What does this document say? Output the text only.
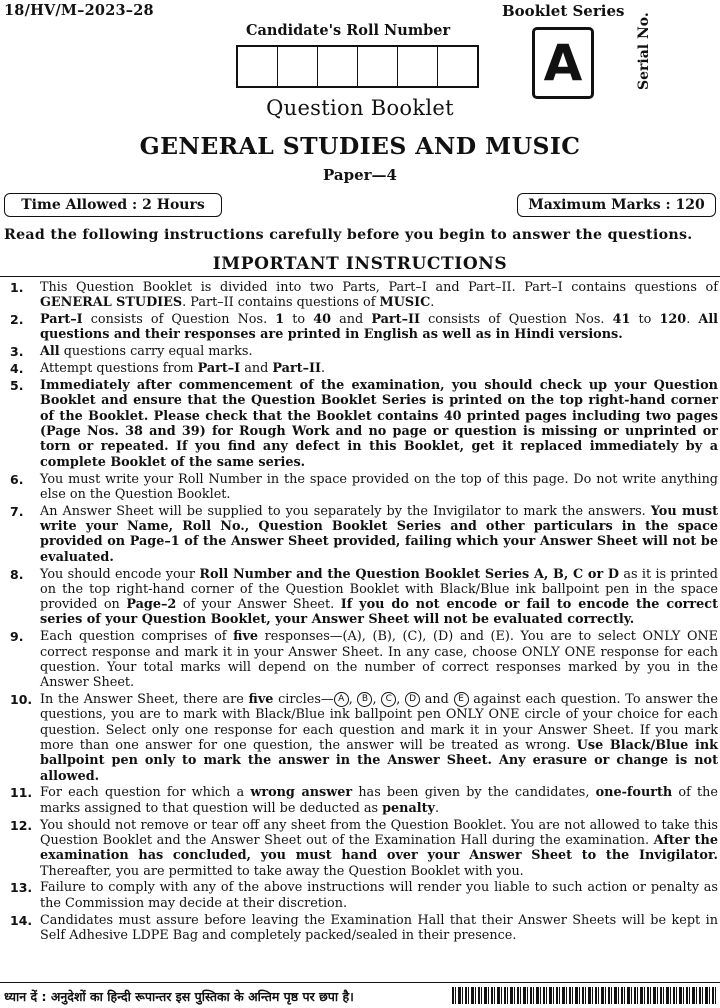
18/HV/M–2023–28	Booklet Series
Candidate's Roll Number
A	Serial No.
Question Booklet
GENERAL STUDIES AND MUSIC
Paper—4
Time Allowed : 2 Hours	Maximum Marks : 120
Read the following instructions carefully before you begin to answer the questions.
IMPORTANT INSTRUCTIONS
1.	This Question Booklet is divided into two Parts, Part–I and Part–II. Part–I contains questions of GENERAL STUDIES. Part–II contains questions of MUSIC.
2.	Part–I consists of Question Nos. 1 to 40 and Part–II consists of Question Nos. 41 to 120. All questions and their responses are printed in English as well as in Hindi versions.
3.	All questions carry equal marks.
4.	Attempt questions from Part–I and Part–II.
5.	Immediately after commencement of the examination, you should check up your Question Booklet and ensure that the Question Booklet Series is printed on the top right-hand corner of the Booklet. Please check that the Booklet contains 40 printed pages including two pages (Page Nos. 38 and 39) for Rough Work and no page or question is missing or unprinted or torn or repeated. If you find any defect in this Booklet, get it replaced immediately by a complete Booklet of the same series.
6.	You must write your Roll Number in the space provided on the top of this page. Do not write anything else on the Question Booklet.
7.	An Answer Sheet will be supplied to you separately by the Invigilator to mark the answers. You must write your Name, Roll No., Question Booklet Series and other particulars in the space provided on Page–1 of the Answer Sheet provided, failing which your Answer Sheet will not be evaluated.
8.	You should encode your Roll Number and the Question Booklet Series A, B, C or D as it is printed on the top right-hand corner of the Question Booklet with Black/Blue ink ballpoint pen in the space provided on Page–2 of your Answer Sheet. If you do not encode or fail to encode the correct series of your Question Booklet, your Answer Sheet will not be evaluated correctly.
9.	Each question comprises of five responses—(A), (B), (C), (D) and (E). You are to select ONLY ONE correct response and mark it in your Answer Sheet. In any case, choose ONLY ONE response for each question. Your total marks will depend on the number of correct responses marked by you in the Answer Sheet.
10. In the Answer Sheet, there are five circles— A , B , C , D and E against each question. To answer the questions, you are to mark with Black/Blue ink ballpoint pen ONLY ONE circle of your choice for each question. Select only one response for each question and mark it in your Answer Sheet. If you mark more than one answer for one question, the answer will be treated as wrong. Use Black/Blue ink ballpoint pen only to mark the answer in the Answer Sheet. Any erasure or change is not allowed.
11. For each question for which a wrong answer has been given by the candidates, one-fourth of the marks assigned to that question will be deducted as penalty.
12. You should not remove or tear off any sheet from the Question Booklet. You are not allowed to take this Question Booklet and the Answer Sheet out of the Examination Hall during the examination. After the examination has concluded, you must hand over your Answer Sheet to the Invigilator. Thereafter, you are permitted to take away the Question Booklet with you.
13. Failure to comply with any of the above instructions will render you liable to such action or penalty as the Commission may decide at their discretion.
14. Candidates must assure before leaving the Examination Hall that their Answer Sheets will be kept in Self Adhesive LDPE Bag and completely packed/sealed in their presence.
ध्यान दें : अनुदेशों का हिन्दी रूपान्तर इस पुस्तिका के अन्तिम पृष्ठ पर छपा है।
